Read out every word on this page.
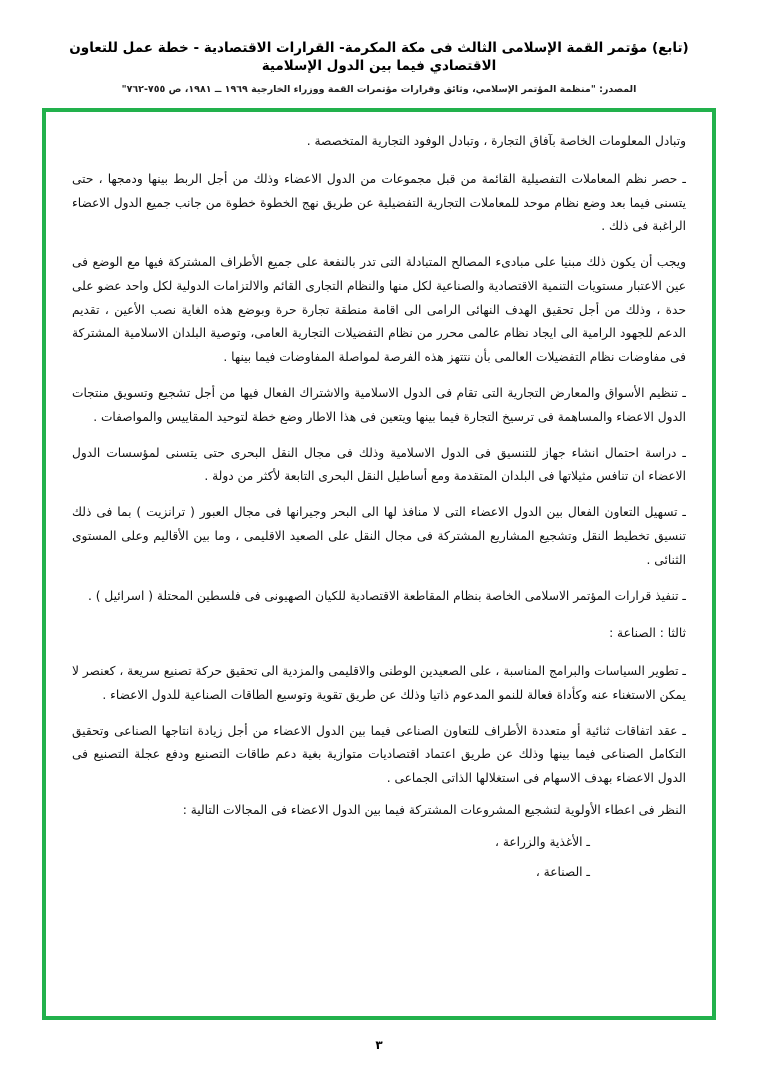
(تابع) مؤتمر القمة الإسلامى الثالث فى مكة المكرمة- القرارات الاقتصادية - خطة عمل للتعاون الاقتصادي فيما بين الدول الإسلامية
المصدر: "منظمة المؤتمر الإسلامي، وثائق وقرارات مؤتمرات القمة ووزراء الخارجية ١٩٦٩ ــ ١٩٨١، ص ٧٥٥-٧٦٢"

وتبادل المعلومات الخاصة بآفاق التجارة ، وتبادل الوفود التجارية المتخصصة .

ـ حصر نظم المعاملات التفصيلية القائمة من قبل مجموعات من الدول الاعضاء وذلك من أجل الربط بينها ودمجها ، حتى يتسنى فيما بعد وضع نظام موحد للمعاملات التجارية التفضيلية عن طريق نهج الخطوة خطوة من جانب جميع الدول الاعضاء الراغبة فى ذلك .

ويجب أن يكون ذلك مبنيا على مبادىء المصالح المتبادلة التى تدر بالنفعة على جميع الأطراف المشتركة فيها مع الوضع فى عين الاعتبار مستويات التنمية الاقتصادية والصناعية لكل منها والنظام التجارى القائم والالتزامات الدولية لكل واحد عضو على حدة ، وذلك من أجل تحقيق الهدف النهائى الرامى الى اقامة منطقة تجارة حرة وبوضع هذه الغاية نصب الأعين ، تقديم الدعم للجهود الرامية الى ايجاد نظام عالمى محرر من نظام التفضيلات التجارية العامى، وتوصية البلدان الاسلامية المشتركة فى مفاوضات نظام التفضيلات العالمى بأن نتتهز هذه الفرصة لمواصلة المفاوضات فيما بينها .

ـ تنظيم الأسواق والمعارض التجارية التى تقام فى الدول الاسلامية والاشتراك الفعال فيها من أجل تشجيع وتسويق منتجات الدول الاعضاء والمساهمة فى ترسيخ التجارة فيما بينها ويتعين فى هذا الاطار وضع خطة لتوحيد المقاييس والمواصفات .

ـ دراسة احتمال انشاء جهاز للتنسيق فى الدول الاسلامية وذلك فى مجال النقل البحرى حتى يتسنى لمؤسسات الدول الاعضاء ان تنافس مثيلاتها فى البلدان المتقدمة ومع أساطيل النقل البحرى التابعة لأكثر من دولة .

ـ تسهيل التعاون الفعال بين الدول الاعضاء التى لا منافذ لها الى البحر وجيرانها فى مجال العبور ( ترانزيت ) بما فى ذلك تنسيق تخطيط النقل وتشجيع المشاريع المشتركة فى مجال النقل على الصعيد الاقليمى ، وما بين الأقاليم وعلى المستوى الثنائى .

ـ تنفيذ قرارات المؤتمر الاسلامى الخاصة بنظام المقاطعة الاقتصادية للكيان الصهيونى فى فلسطين المحتلة ( اسرائيل ) .

ثالثا : الصناعة :

ـ تطوير السياسات والبرامج المناسبة ، على الصعيدين الوطنى والاقليمى والمزدية الى تحقيق حركة تصنيع سريعة ، كعنصر لا يمكن الاستغناء عنه وكأداة فعالة للنمو المدعوم ذاتيا وذلك عن طريق تقوية وتوسيع الطاقات الصناعية للدول الاعضاء .

ـ عقد اتفاقات ثنائية أو متعددة الأطراف للتعاون الصناعى فيما بين الدول الاعضاء من أجل زيادة انتاجها الصناعى وتحقيق التكامل الصناعى فيما بينها وذلك عن طريق اعتماد اقتصاديات متوازية بغية دعم طاقات التصنيع ودفع عجلة التصنيع فى الدول الاعضاء بهدف الاسهام فى استغلالها الذاتى الجماعى .

النظر فى اعطاء الأولوية لتشجيع المشروعات المشتركة فيما بين الدول الاعضاء فى المجالات التالية :

ـ الأغذية والزراعة ،

ـ الصناعة ،

٣
